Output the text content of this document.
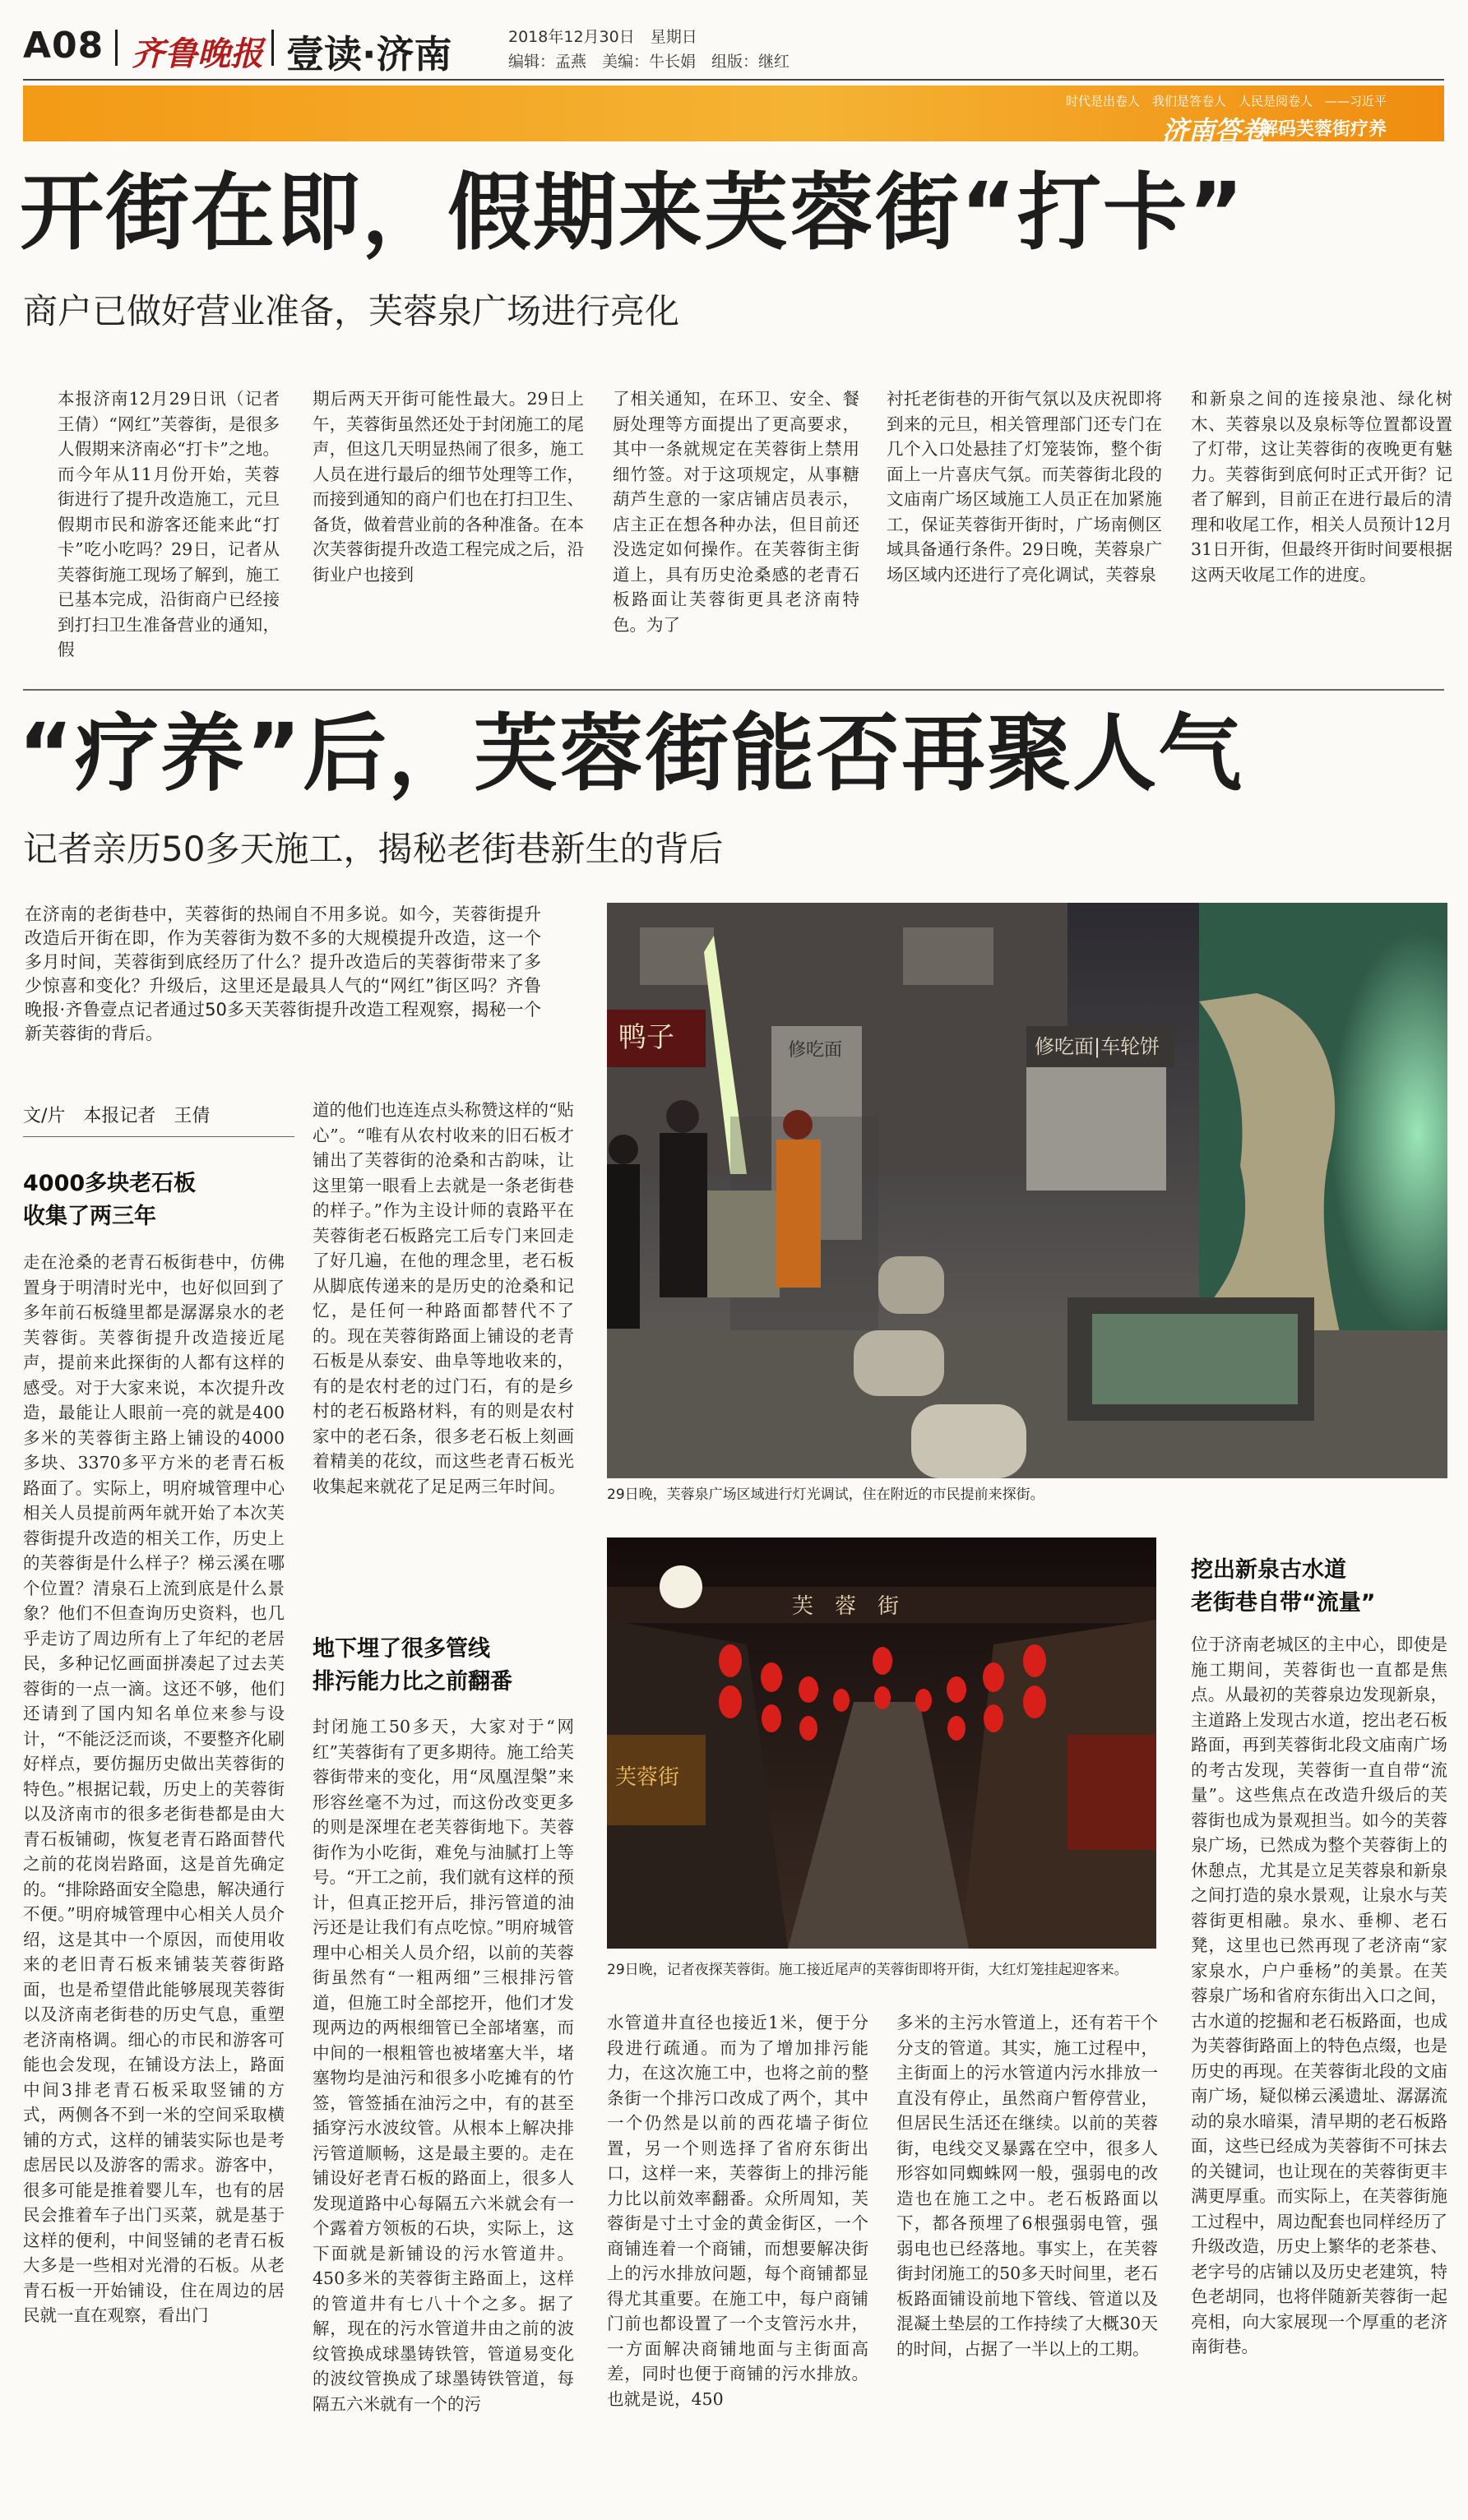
A08 齐鲁晚报 壹读·济南	2018年12月30日　星期日
编辑：孟燕　美编：牛长娟　组版：继红
时代是出卷人　我们是答卷人　人民是阅卷人　——习近平
济南答卷
·解码芙蓉街疗养
开街在即，假期来芙蓉街“打卡”
商户已做好营业准备，芙蓉泉广场进行亮化
本报济南12月29日讯（记者　王倩）“网红”芙蓉街，是很多人假期来济南必“打卡”之地。而今年从11月份开始，芙蓉街进行了提升改造施工，元旦假期市民和游客还能来此“打卡”吃小吃吗？29日，记者从芙蓉街施工现场了解到，施工已基本完成，沿街商户已经接到打扫卫生准备营业的通知，假
期后两天开街可能性最大。29日上午，芙蓉街虽然还处于封闭施工的尾声，但这几天明显热闹了很多，施工人员在进行最后的细节处理等工作，而接到通知的商户们也在打扫卫生、备货，做着营业前的各种准备。在本次芙蓉街提升改造工程完成之后，沿街业户也接到
了相关通知，在环卫、安全、餐厨处理等方面提出了更高要求，其中一条就规定在芙蓉街上禁用细竹签。对于这项规定，从事糖葫芦生意的一家店铺店员表示，店主正在想各种办法，但目前还没选定如何操作。在芙蓉街主街道上，具有历史沧桑感的老青石板路面让芙蓉街更具老济南特色。为了
衬托老街巷的开街气氛以及庆祝即将到来的元旦，相关管理部门还专门在几个入口处悬挂了灯笼装饰，整个街面上一片喜庆气氛。而芙蓉街北段的文庙南广场区域施工人员正在加紧施工，保证芙蓉街开街时，广场南侧区域具备通行条件。29日晚，芙蓉泉广场区域内还进行了亮化调试，芙蓉泉
和新泉之间的连接泉池、绿化树木、芙蓉泉以及泉标等位置都设置了灯带，这让芙蓉街的夜晚更有魅力。芙蓉街到底何时正式开街？记者了解到，目前正在进行最后的清理和收尾工作，相关人员预计12月31日开街，但最终开街时间要根据这两天收尾工作的进度。
“疗养”后，芙蓉街能否再聚人气
记者亲历50多天施工，揭秘老街巷新生的背后
在济南的老街巷中，芙蓉街的热闹自不用多说。如今，芙蓉街提升改造后开街在即，作为芙蓉街为数不多的大规模提升改造，这一个多月时间，芙蓉街到底经历了什么？提升改造后的芙蓉街带来了多少惊喜和变化？升级后，这里还是最具人气的“网红”街区吗？齐鲁晚报·齐鲁壹点记者通过50多天芙蓉街提升改造工程观察，揭秘一个新芙蓉街的背后。
文/片　本报记者　王倩
4000多块老石板
收集了两三年
走在沧桑的老青石板街巷中，仿佛置身于明清时光中，也好似回到了多年前石板缝里都是潺潺泉水的老芙蓉街。芙蓉街提升改造接近尾声，提前来此探街的人都有这样的感受。对于大家来说，本次提升改造，最能让人眼前一亮的就是400多米的芙蓉街主路上铺设的4000多块、3370多平方米的老青石板路面了。实际上，明府城管理中心相关人员提前两年就开始了本次芙蓉街提升改造的相关工作，历史上的芙蓉街是什么样子？梯云溪在哪个位置？清泉石上流到底是什么景象？他们不但查询历史资料，也几乎走访了周边所有上了年纪的老居民，多种记忆画面拼凑起了过去芙蓉街的一点一滴。这还不够，他们还请到了国内知名单位来参与设计，“不能泛泛而谈，不要整齐化刷好样点，要仿掘历史做出芙蓉街的特色。”根据记载，历史上的芙蓉街以及济南市的很多老街巷都是由大青石板铺砌，恢复老青石路面替代之前的花岗岩路面，这是首先确定的。“排除路面安全隐患，解决通行不便。”明府城管理中心相关人员介绍，这是其中一个原因，而使用收来的老旧青石板来铺装芙蓉街路面，也是希望借此能够展现芙蓉街以及济南老街巷的历史气息，重塑老济南格调。细心的市民和游客可能也会发现，在铺设方法上，路面中间3排老青石板采取竖铺的方式，两侧各不到一米的空间采取横铺的方式，这样的铺装实际也是考虑居民以及游客的需求。游客中，很多可能是推着婴儿车，也有的居民会推着车子出门买菜，就是基于这样的便利，中间竖铺的老青石板大多是一些相对光滑的石板。从老青石板一开始铺设，住在周边的居民就一直在观察，看出门
道的他们也连连点头称赞这样的“贴心”。“唯有从农村收来的旧石板才铺出了芙蓉街的沧桑和古韵味，让这里第一眼看上去就是一条老街巷的样子。”作为主设计师的袁路平在芙蓉街老石板路完工后专门来回走了好几遍，在他的理念里，老石板从脚底传递来的是历史的沧桑和记忆，是任何一种路面都替代不了的。现在芙蓉街路面上铺设的老青石板是从泰安、曲阜等地收来的，有的是农村老的过门石，有的是乡村的老石板路材料，有的则是农村家中的老石条，很多老石板上刻画着精美的花纹，而这些老青石板光收集起来就花了足足两三年时间。
地下埋了很多管线
排污能力比之前翻番
封闭施工50多天，大家对于“网红”芙蓉街有了更多期待。施工给芙蓉街带来的变化，用“凤凰涅槃”来形容丝毫不为过，而这份改变更多的则是深埋在老芙蓉街地下。芙蓉街作为小吃街，难免与油腻打上等号。“开工之前，我们就有这样的预计，但真正挖开后，排污管道的油污还是让我们有点吃惊。”明府城管理中心相关人员介绍，以前的芙蓉街虽然有“一粗两细”三根排污管道，但施工时全部挖开，他们才发现两边的两根细管已全部堵塞，而中间的一根粗管也被堵塞大半，堵塞物均是油污和很多小吃摊有的竹签，管签插在油污之中，有的甚至插穿污水波纹管。从根本上解决排污管道顺畅，这是最主要的。走在铺设好老青石板的路面上，很多人发现道路中心每隔五六米就会有一个露着方领板的石块，实际上，这下面就是新铺设的污水管道井。450多米的芙蓉街主路面上，这样的管道井有七八十个之多。据了解，现在的污水管道井由之前的波纹管换成球墨铸铁管，管道易变化的波纹管换成了球墨铸铁管道，每隔五六米就有一个的污
鸭子	修吃面	修吃面|车轮饼
29日晚，芙蓉泉广场区域进行灯光调试，住在附近的市民提前来探街。
芙　蓉　街
芙蓉街
29日晚，记者夜探芙蓉街。施工接近尾声的芙蓉街即将开街，大红灯笼挂起迎客来。
水管道井直径也接近1米，便于分段进行疏通。而为了增加排污能力，在这次施工中，也将之前的整条街一个排污口改成了两个，其中一个仍然是以前的西花墙子街位置，另一个则选择了省府东街出口，这样一来，芙蓉街上的排污能力比以前效率翻番。众所周知，芙蓉街是寸土寸金的黄金街区，一个商铺连着一个商铺，而想要解决街上的污水排放问题，每个商铺都显得尤其重要。在施工中，每户商铺门前也都设置了一个支管污水井，一方面解决商铺地面与主街面高差，同时也便于商铺的污水排放。也就是说，450
多米的主污水管道上，还有若干个分支的管道。其实，施工过程中，主街面上的污水管道内污水排放一直没有停止，虽然商户暂停营业，但居民生活还在继续。以前的芙蓉街，电线交叉暴露在空中，很多人形容如同蜘蛛网一般，强弱电的改造也在施工之中。老石板路面以下，都各预埋了6根强弱电管，强弱电也已经落地。事实上，在芙蓉街封闭施工的50多天时间里，老石板路面铺设前地下管线、管道以及混凝土垫层的工作持续了大概30天的时间，占据了一半以上的工期。
挖出新泉古水道
老街巷自带“流量”
位于济南老城区的主中心，即使是施工期间，芙蓉街也一直都是焦点。从最初的芙蓉泉边发现新泉，主道路上发现古水道，挖出老石板路面，再到芙蓉街北段文庙南广场的考古发现，芙蓉街一直自带“流量”。这些焦点在改造升级后的芙蓉街也成为景观担当。如今的芙蓉泉广场，已然成为整个芙蓉街上的休憩点，尤其是立足芙蓉泉和新泉之间打造的泉水景观，让泉水与芙蓉街更相融。泉水、垂柳、老石凳，这里也已然再现了老济南“家家泉水，户户垂杨”的美景。在芙蓉泉广场和省府东街出入口之间，古水道的挖掘和老石板路面，也成为芙蓉街路面上的特色点缀，也是历史的再现。在芙蓉街北段的文庙南广场，疑似梯云溪遗址、潺潺流动的泉水暗渠，清早期的老石板路面，这些已经成为芙蓉街不可抹去的关键词，也让现在的芙蓉街更丰满更厚重。而实际上，在芙蓉街施工过程中，周边配套也同样经历了升级改造，历史上繁华的老茶巷、老字号的店铺以及历史老建筑，特色老胡同，也将伴随新芙蓉街一起亮相，向大家展现一个厚重的老济南街巷。
